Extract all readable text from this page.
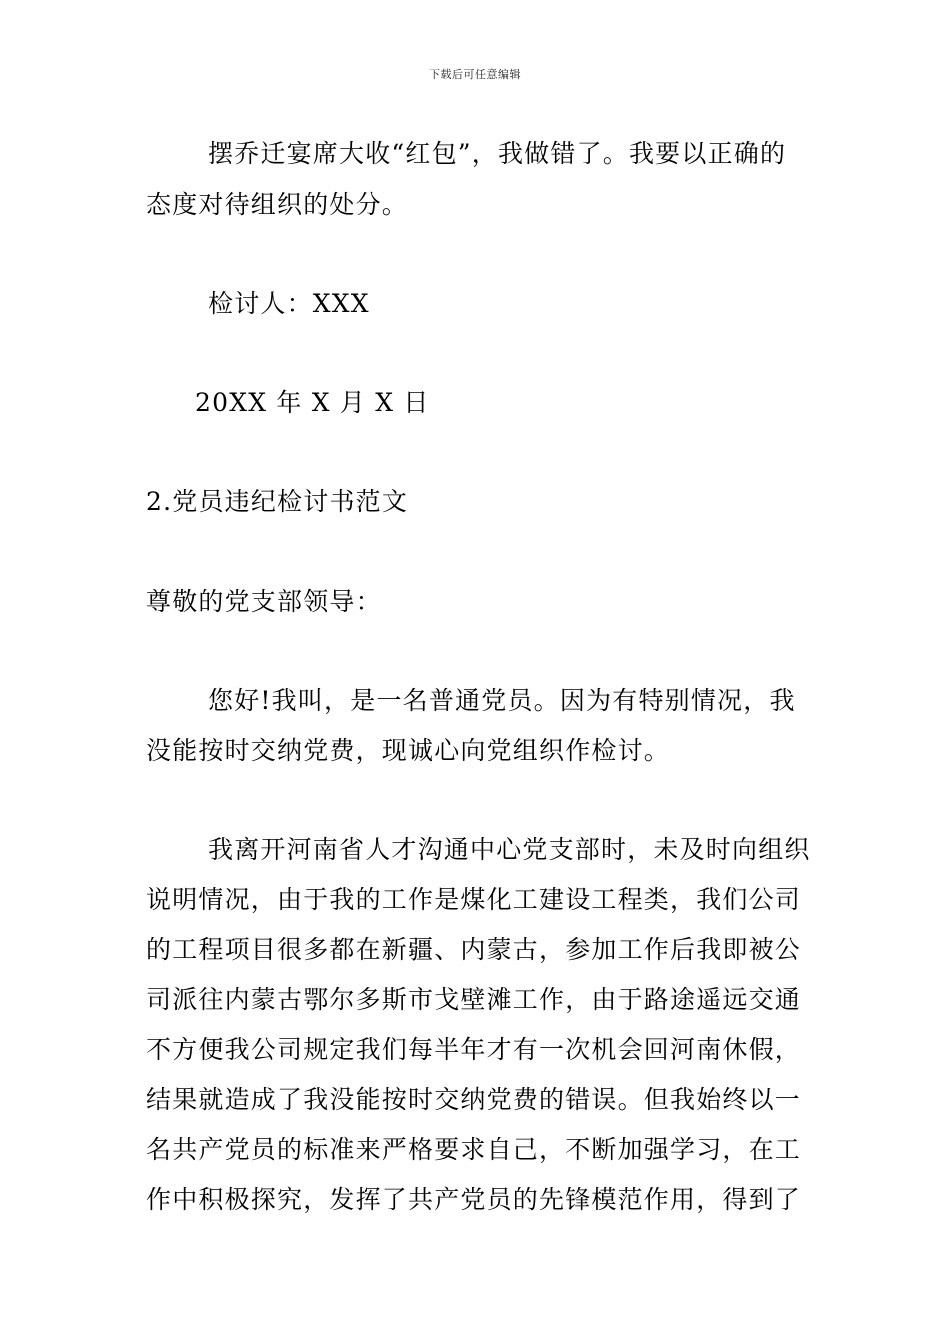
下载后可任意编辑
摆乔迁宴席大收“红包”，我做错了。我要以正确的
态度对待组织的处分。
检讨人：XXX
20XX 年 X 月 X 日
2.党员违纪检讨书范文
尊敬的党支部领导：
您好!我叫，是一名普通党员。因为有特别情况，我
没能按时交纳党费，现诚心向党组织作检讨。
我离开河南省人才沟通中心党支部时，未及时向组织
说明情况，由于我的工作是煤化工建设工程类，我们公司
的工程项目很多都在新疆、内蒙古，参加工作后我即被公
司派往内蒙古鄂尔多斯市戈壁滩工作，由于路途遥远交通
不方便我公司规定我们每半年才有一次机会回河南休假，
结果就造成了我没能按时交纳党费的错误。但我始终以一
名共产党员的标准来严格要求自己，不断加强学习，在工
作中积极探究，发挥了共产党员的先锋模范作用，得到了
